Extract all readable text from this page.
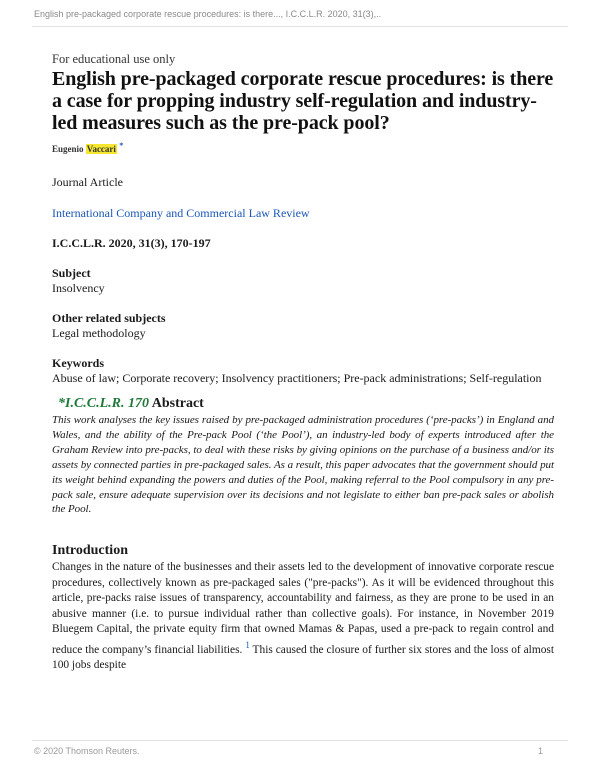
English pre-packaged corporate rescue procedures: is there..., I.C.C.L.R. 2020, 31(3),..
For educational use only
English pre-packaged corporate rescue procedures: is there a case for propping industry self-regulation and industry-led measures such as the pre-pack pool?
Eugenio Vaccari *
Journal Article
International Company and Commercial Law Review
I.C.C.L.R. 2020, 31(3), 170-197
Subject
Insolvency
Other related subjects
Legal methodology
Keywords
Abuse of law; Corporate recovery; Insolvency practitioners; Pre-pack administrations; Self-regulation
*I.C.C.L.R. 170 Abstract
This work analyses the key issues raised by pre-packaged administration procedures (‘pre-packs’) in England and Wales, and the ability of the Pre-pack Pool (‘the Pool’), an industry-led body of experts introduced after the Graham Review into pre-packs, to deal with these risks by giving opinions on the purchase of a business and/or its assets by connected parties in pre-packaged sales. As a result, this paper advocates that the government should put its weight behind expanding the powers and duties of the Pool, making referral to the Pool compulsory in any pre-pack sale, ensure adequate supervision over its decisions and not legislate to either ban pre-pack sales or abolish the Pool.
Introduction
Changes in the nature of the businesses and their assets led to the development of innovative corporate rescue procedures, collectively known as pre-packaged sales ("pre-packs"). As it will be evidenced throughout this article, pre-packs raise issues of transparency, accountability and fairness, as they are prone to be used in an abusive manner (i.e. to pursue individual rather than collective goals). For instance, in November 2019 Bluegem Capital, the private equity firm that owned Mamas & Papas, used a pre-pack to regain control and reduce the company’s financial liabilities. $^1$ This caused the closure of further six stores and the loss of almost 100 jobs despite
© 2020 Thomson Reuters.	1
